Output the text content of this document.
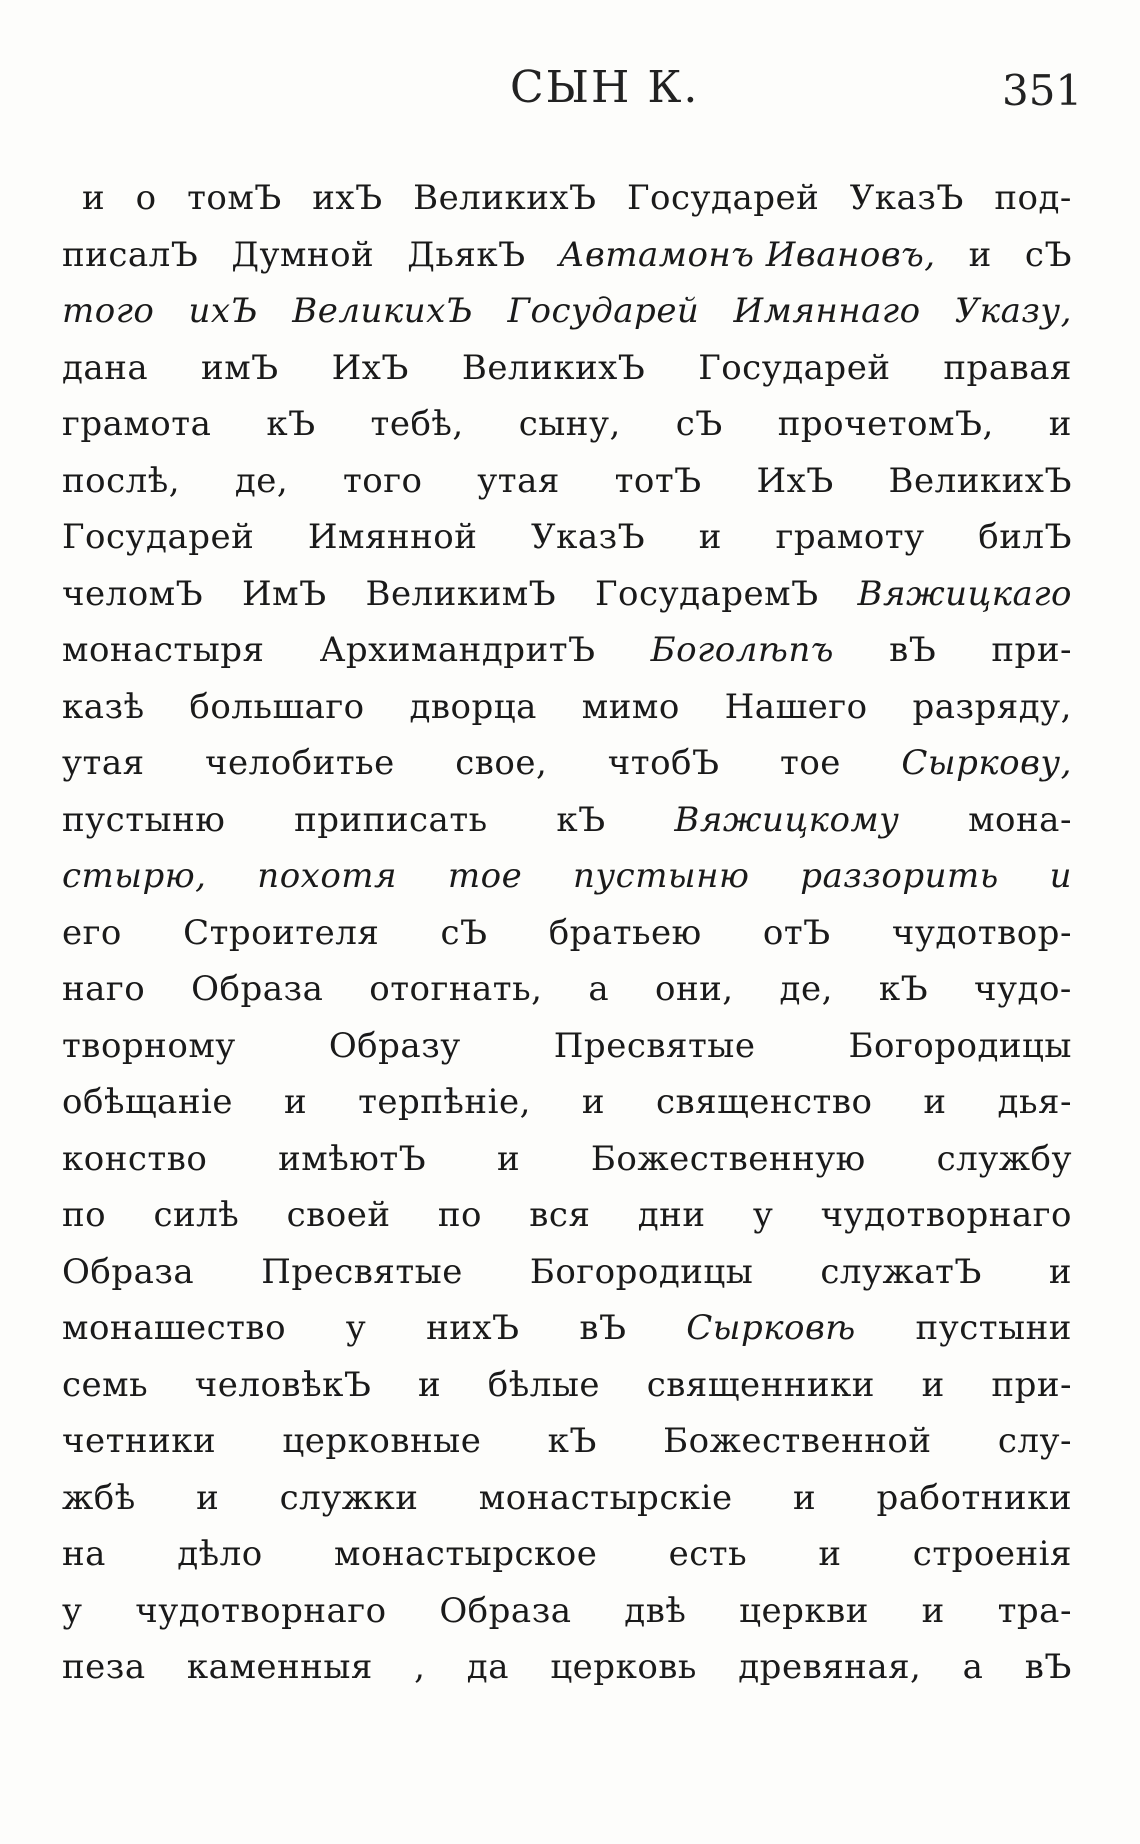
СЫН К.	351
и о томЪ ихЪ ВеликихЪ Государей УказЪ под-
писалЪ Думной ДьякЪ Автамонъ Ивановъ, и сЪ
того ихЪ ВеликихЪ Государей Имяннаго Указу,
дана имЪ ИхЪ ВеликихЪ Государей правая
грамота кЪ тебѣ, сыну, сЪ прочетомЪ, и
послѣ, де, того утая тотЪ ИхЪ ВеликихЪ
Государей Имянной УказЪ и грамоту билЪ
челомЪ ИмЪ ВеликимЪ ГосударемЪ Вяжицкаго
монастыря АрхимандритЪ Боголѣпъ вЪ при-
казѣ большаго дворца мимо Нашего разряду,
утая челобитье свое, чтобЪ тое Сыркову,
пустыню приписать кЪ Вяжицкому мона-
стырю, похотя тое пустыню раззорить и
его Строителя сЪ братьею отЪ чудотвор-
наго Образа отогнать, а они, де, кЪ чудо-
творному	Образу	Пресвятые	Богородицы
обѣщаніе и терпѣніе, и священство и дья-
конство имѣютЪ и Божественную службу
по силѣ своей по вся дни у чудотворнаго
Образа Пресвятые Богородицы служатЪ и
монашество у нихЪ вЪ Сырковѣ пустыни
семь человѣкЪ и бѣлые священники и при-
четники церковные кЪ Божественной слу-
жбѣ и служки монастырскіе и работники
на дѣло монастырское есть и строенія
у чудотворнаго Образа двѣ церкви и тра-
пеза каменныя , да церковь древяная, а вЪ
